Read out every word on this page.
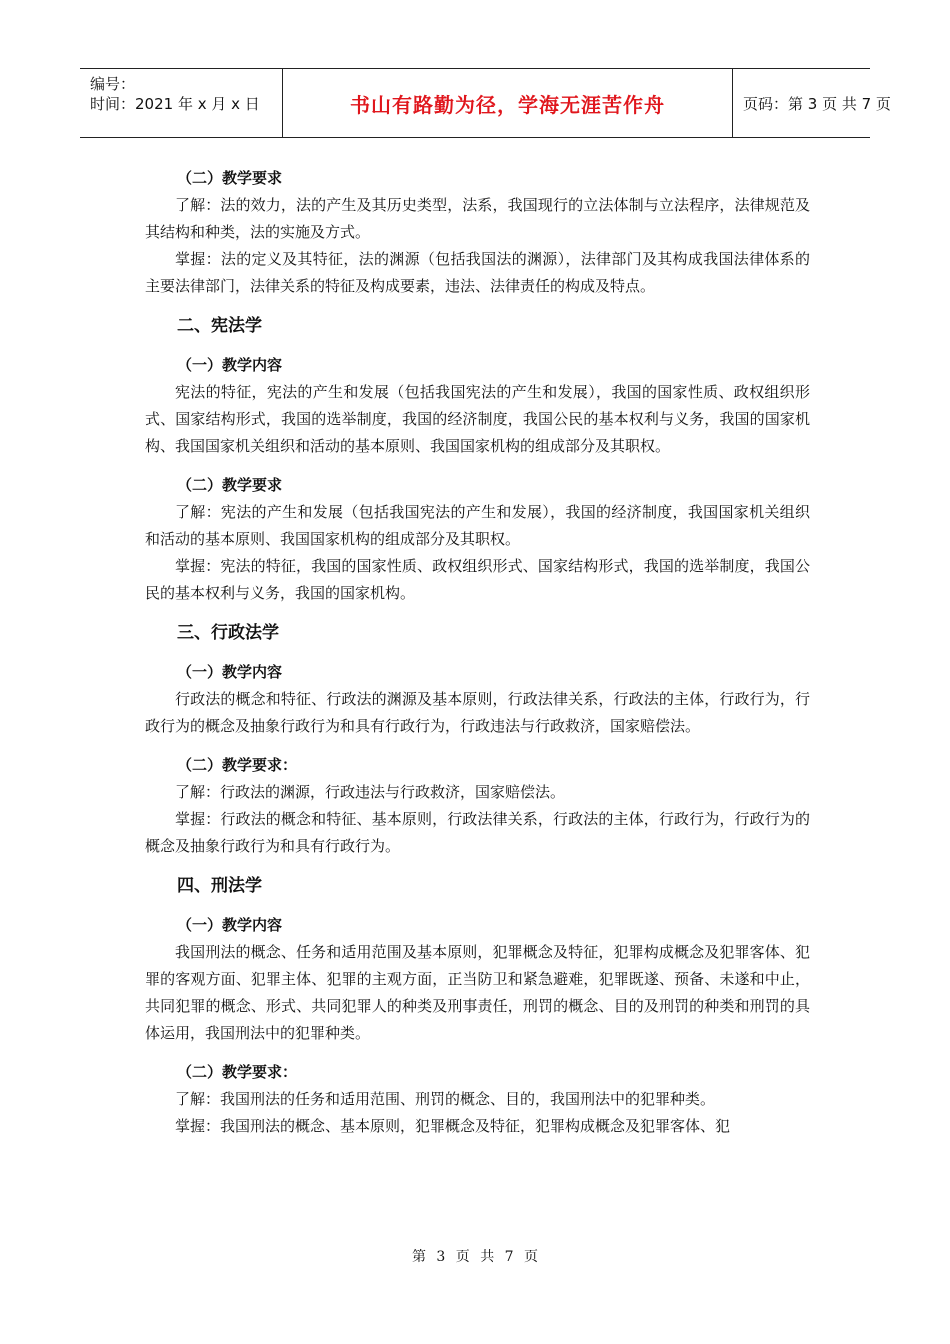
编号：
时间：2021 年 x 月 x 日	书山有路勤为径，学海无涯苦作舟	页码：第 3 页 共 7 页

（二）教学要求

了解：法的效力，法的产生及其历史类型，法系，我国现行的立法体制与立法程序，法律规范及其结构和种类，法的实施及方式。

掌握：法的定义及其特征，法的渊源（包括我国法的渊源），法律部门及其构成我国法律体系的主要法律部门，法律关系的特征及构成要素，违法、法律责任的构成及特点。

二、宪法学

（一）教学内容

宪法的特征，宪法的产生和发展（包括我国宪法的产生和发展），我国的国家性质、政权组织形式、国家结构形式，我国的选举制度，我国的经济制度，我国公民的基本权利与义务，我国的国家机构、我国国家机关组织和活动的基本原则、我国国家机构的组成部分及其职权。

（二）教学要求

了解：宪法的产生和发展（包括我国宪法的产生和发展），我国的经济制度，我国国家机关组织和活动的基本原则、我国国家机构的组成部分及其职权。

掌握：宪法的特征，我国的国家性质、政权组织形式、国家结构形式，我国的选举制度，我国公民的基本权利与义务，我国的国家机构。

三、行政法学

（一）教学内容

行政法的概念和特征、行政法的渊源及基本原则，行政法律关系，行政法的主体，行政行为，行政行为的概念及抽象行政行为和具有行政行为，行政违法与行政救济，国家赔偿法。

（二）教学要求：

了解：行政法的渊源，行政违法与行政救济，国家赔偿法。

掌握：行政法的概念和特征、基本原则，行政法律关系，行政法的主体，行政行为，行政行为的概念及抽象行政行为和具有行政行为。

四、刑法学

（一）教学内容

我国刑法的概念、任务和适用范围及基本原则，犯罪概念及特征，犯罪构成概念及犯罪客体、犯罪的客观方面、犯罪主体、犯罪的主观方面，正当防卫和紧急避难，犯罪既遂、预备、未遂和中止，共同犯罪的概念、形式、共同犯罪人的种类及刑事责任，刑罚的概念、目的及刑罚的种类和刑罚的具体运用，我国刑法中的犯罪种类。

（二）教学要求：

了解：我国刑法的任务和适用范围、刑罚的概念、目的，我国刑法中的犯罪种类。

掌握：我国刑法的概念、基本原则，犯罪概念及特征，犯罪构成概念及犯罪客体、犯

第 3 页 共 7 页
